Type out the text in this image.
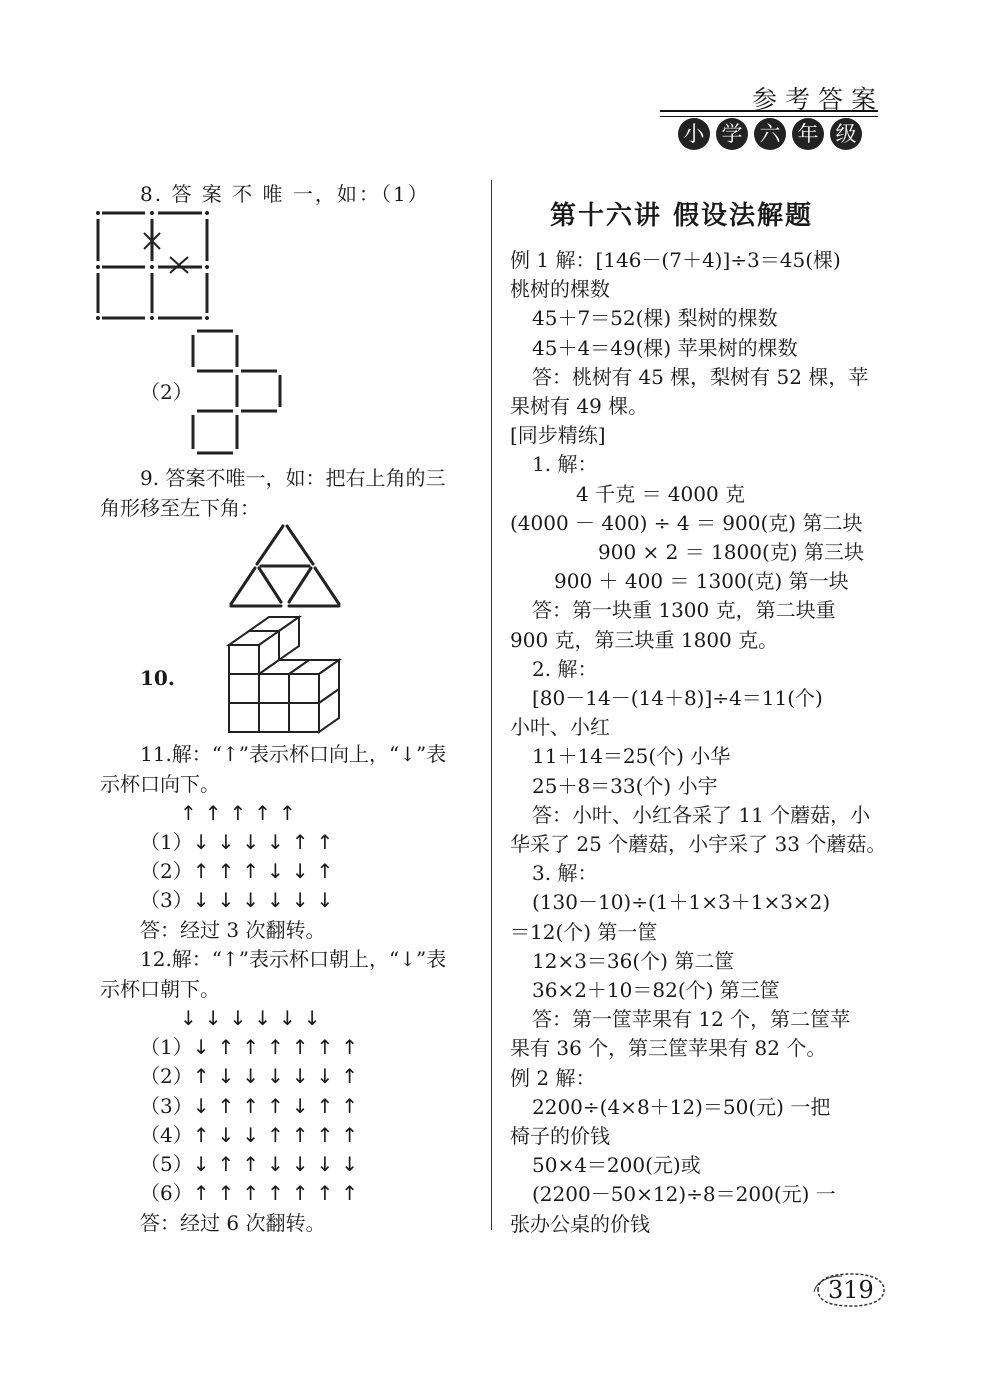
参考答案
小 学 六 年 级
8. 答 案 不 唯 一，如：（1）
（2）
9. 答案不唯一，如：把右上角的三
角形移至左下角：
10.
11.解：“↑”表示杯口向上，“↓”表
示杯口向下。
↑↑↑↑↑
（1）↓↓↓↓↑↑
（2）↑↑↑↓↓↑
（3）↓↓↓↓↓↓
答：经过 3 次翻转。
12.解：“↑”表示杯口朝上，“↓”表
示杯口朝下。
↓↓↓↓↓↓
（1）↓↑↑↑↑↑↑
（2）↑↓↓↓↓↓↑
（3）↓↑↑↑↓↑↑
（4）↑↓↓↑↑↑↑
（5）↓↑↑↓↓↓↓
（6）↑↑↑↑↑↑↑
答：经过 6 次翻转。
第十六讲 假设法解题
例 1 解：[146－(7＋4)]÷3＝45(棵)
桃树的棵数
45＋7＝52(棵) 梨树的棵数
45＋4＝49(棵) 苹果树的棵数
答：桃树有 45 棵，梨树有 52 棵，苹
果树有 49 棵。
[同步精练]
1. 解：
4 千克 ＝ 4000 克
(4000 － 400) ÷ 4 ＝ 900(克) 第二块
900 × 2 ＝ 1800(克) 第三块
900 ＋ 400 ＝ 1300(克) 第一块
答：第一块重 1300 克，第二块重
900 克，第三块重 1800 克。
2. 解：
[80－14－(14＋8)]÷4＝11(个)
小叶、小红
11＋14＝25(个) 小华
25＋8＝33(个) 小宇
答：小叶、小红各采了 11 个蘑菇，小
华采了 25 个蘑菇，小宇采了 33 个蘑菇。
3. 解：
(130－10)÷(1＋1×3＋1×3×2)
＝12(个) 第一筐
12×3＝36(个) 第二筐
36×2＋10＝82(个) 第三筐
答：第一筐苹果有 12 个，第二筐苹
果有 36 个，第三筐苹果有 82 个。
例 2 解：
2200÷(4×8＋12)＝50(元) 一把
椅子的价钱
50×4＝200(元)或
(2200－50×12)÷8＝200(元) 一
张办公桌的价钱
319
